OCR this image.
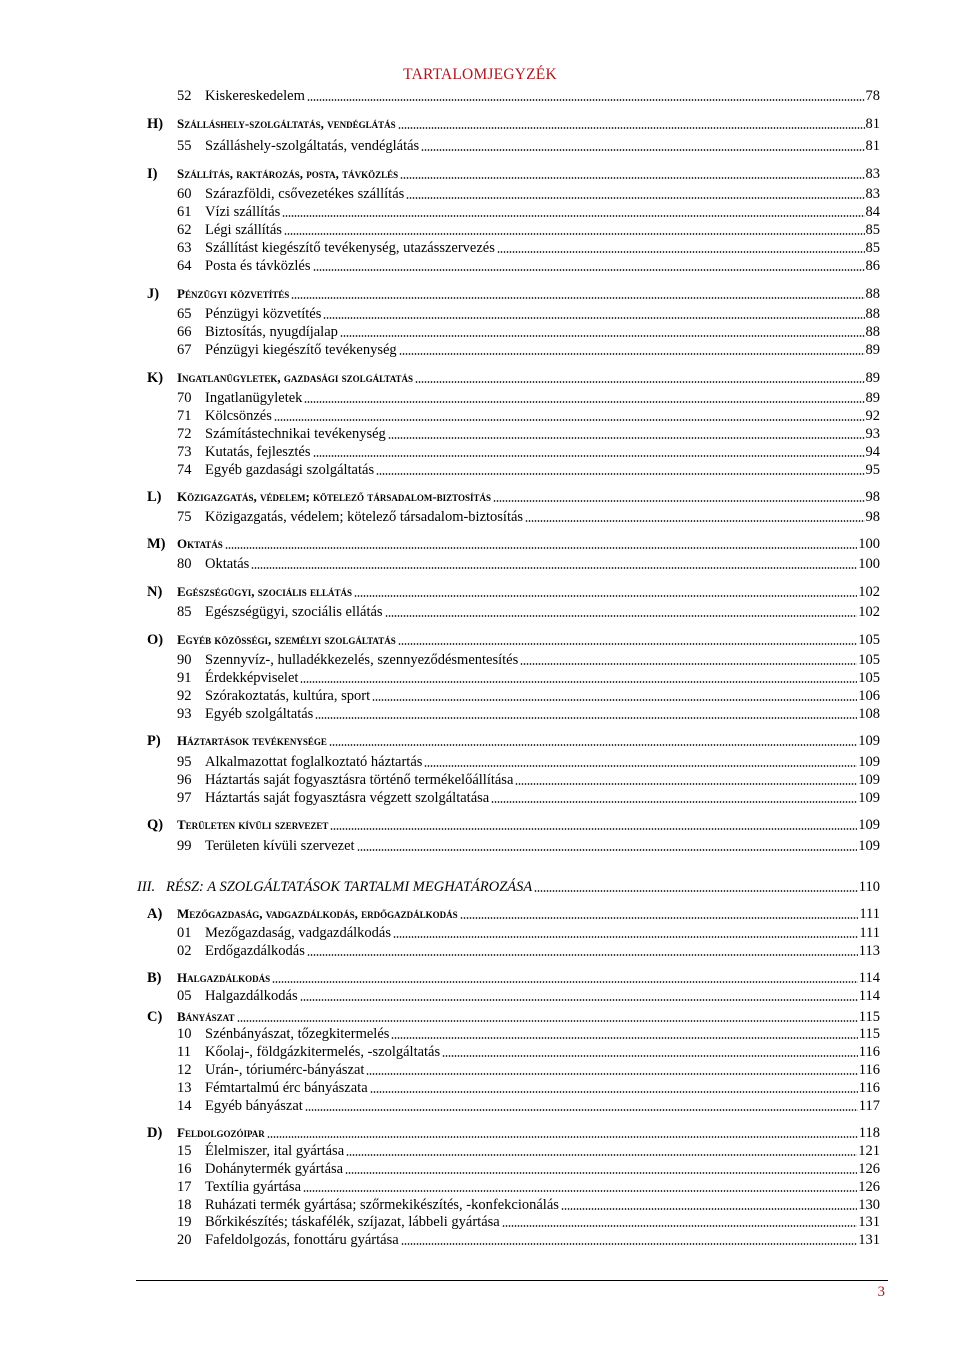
TARTALOMJEGYZÉK
52 Kiskereskedelem	78
H) Szálláshely-szolgáltatás, vendéglátás	81
55 Szálláshely-szolgáltatás, vendéglátás	81
I) Szállítás, raktározás, posta, távközlés	83
60 Szárazföldi, csővezetékes szállítás	83
61 Vízi szállítás	84
62 Légi szállítás	85
63 Szállítást kiegészítő tevékenység, utazásszervezés	85
64 Posta és távközlés	86
J) Pénzügyi közvetítés	88
65 Pénzügyi közvetítés	88
66 Biztosítás, nyugdíjalap	88
67 Pénzügyi kiegészítő tevékenység	89
K) Ingatlanügyletek, gazdasági szolgáltatás	89
70 Ingatlanügyletek	89
71 Kölcsönzés	92
72 Számítástechnikai tevékenység	93
73 Kutatás, fejlesztés	94
74 Egyéb gazdasági szolgáltatás	95
L) Közigazgatás, védelem; kötelező társadalom-biztosítás	98
75 Közigazgatás, védelem; kötelező társadalom-biztosítás	98
M) Oktatás	100
80 Oktatás	100
N) Egészségügyi, szociális ellátás	102
85 Egészségügyi, szociális ellátás	102
O) Egyéb közösségi, személyi szolgáltatás	105
90 Szennyvíz-, hulladékkezelés, szennyeződésmentesítés	105
91 Érdekképviselet	105
92 Szórakoztatás, kultúra, sport	106
93 Egyéb szolgáltatás	108
P) Háztartások tevékenysége	109
95 Alkalmazottat foglalkoztató háztartás	109
96 Háztartás saját fogyasztásra történő termékelőállítása	109
97 Háztartás saját fogyasztásra végzett szolgáltatása	109
Q) Területen kívüli szervezet	109
99 Területen kívüli szervezet	109
III. RÉSZ: A SZOLGÁLTATÁSOK TARTALMI MEGHATÁROZÁSA	110
A) Mezőgazdaság, vadgazdálkodás, erdőgazdálkodás	111
01 Mezőgazdaság, vadgazdálkodás	111
02 Erdőgazdálkodás	113
B) Halgazdálkodás	114
05 Halgazdálkodás	114
C) Bányászat	115
10 Szénbányászat, tőzegkitermelés	115
11 Kőolaj-, földgázkitermelés, -szolgáltatás	116
12 Urán-, tóriumérc-bányászat	116
13 Fémtartalmú érc bányászata	116
14 Egyéb bányászat	117
D) Feldolgozóipar	118
15 Élelmiszer, ital gyártása	121
16 Dohánytermék gyártása	126
17 Textília gyártása	126
18 Ruházati termék gyártása; szőrmekikészítés, -konfekcionálás	130
19 Bőrkikészítés; táskafélék, szíjazat, lábbeli gyártása	131
20 Fafeldolgozás, fonottáru gyártása	131
3
